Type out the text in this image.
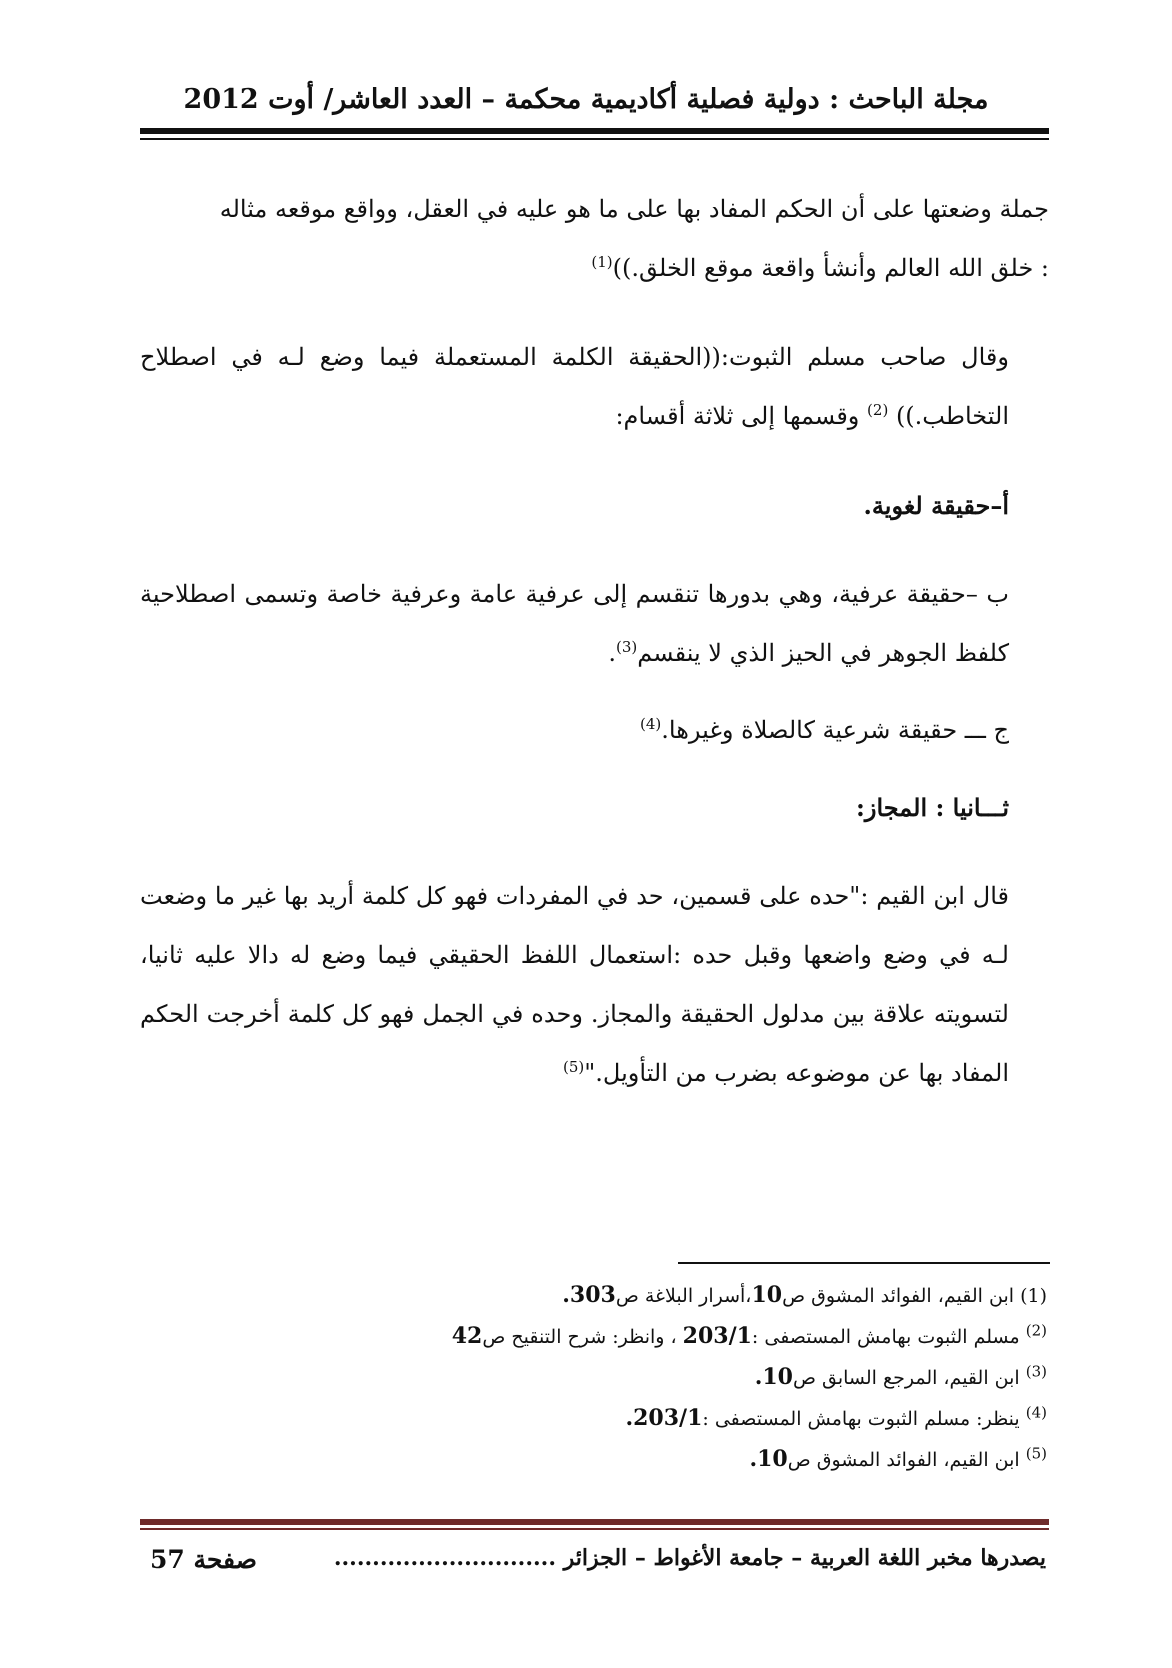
مجلة الباحث : دولية فصلية أكاديمية محكمة – العدد العاشر/ أوت 2012

جملة وضعتها على أن الحكم المفاد بها على ما هو عليه في العقل، وواقع موقعه مثاله
: خلق الله العالم وأنشأ واقعة موقع الخلق.))$^{(1)}$

وقال صاحب مسلم الثبوت:((الحقيقة الكلمة المستعملة فيما وضع لـه في اصطلاح التخاطب.)) $^{(2)}$ وقسمها إلى ثلاثة أقسام:

أ–حقيقة لغوية.

ب –حقيقة عرفية، وهي بدورها تنقسم إلى عرفية عامة وعرفية خاصة وتسمى اصطلاحية كلفظ الجوهر في الحيز الذي لا ينقسم$^{(3)}$.

ج ـــ حقيقة شرعية كالصلاة وغيرها.$^{(4)}$

ثـــانيا : المجاز:

قال ابن القيم :"حده على قسمين، حد في المفردات فهو كل كلمة أريد بها غير ما وضعت لـه في وضع واضعها وقبل حده :استعمال اللفظ الحقيقي فيما وضع له دالا عليه ثانيا، لتسويته علاقة بين مدلول الحقيقة والمجاز. وحده في الجمل فهو كل كلمة أخرجت الحكم المفاد بها عن موضوعه بضرب من التأويل."$^{(5)}$

(1) ابن القيم، الفوائد المشوق ص10،أسرار البلاغة ص303.
$^{(2)}$ مسلم الثبوت بهامش المستصفى :203/1 ، وانظر: شرح التنقيح ص42
$^{(3)}$ ابن القيم، المرجع السابق ص10.
$^{(4)}$ ينظر: مسلم الثبوت بهامش المستصفى :203/1.
$^{(5)}$ ابن القيم، الفوائد المشوق ص10.
صفحة 57	يصدرها مخبر اللغة العربية – جامعة الأغواط – الجزائر .............................
